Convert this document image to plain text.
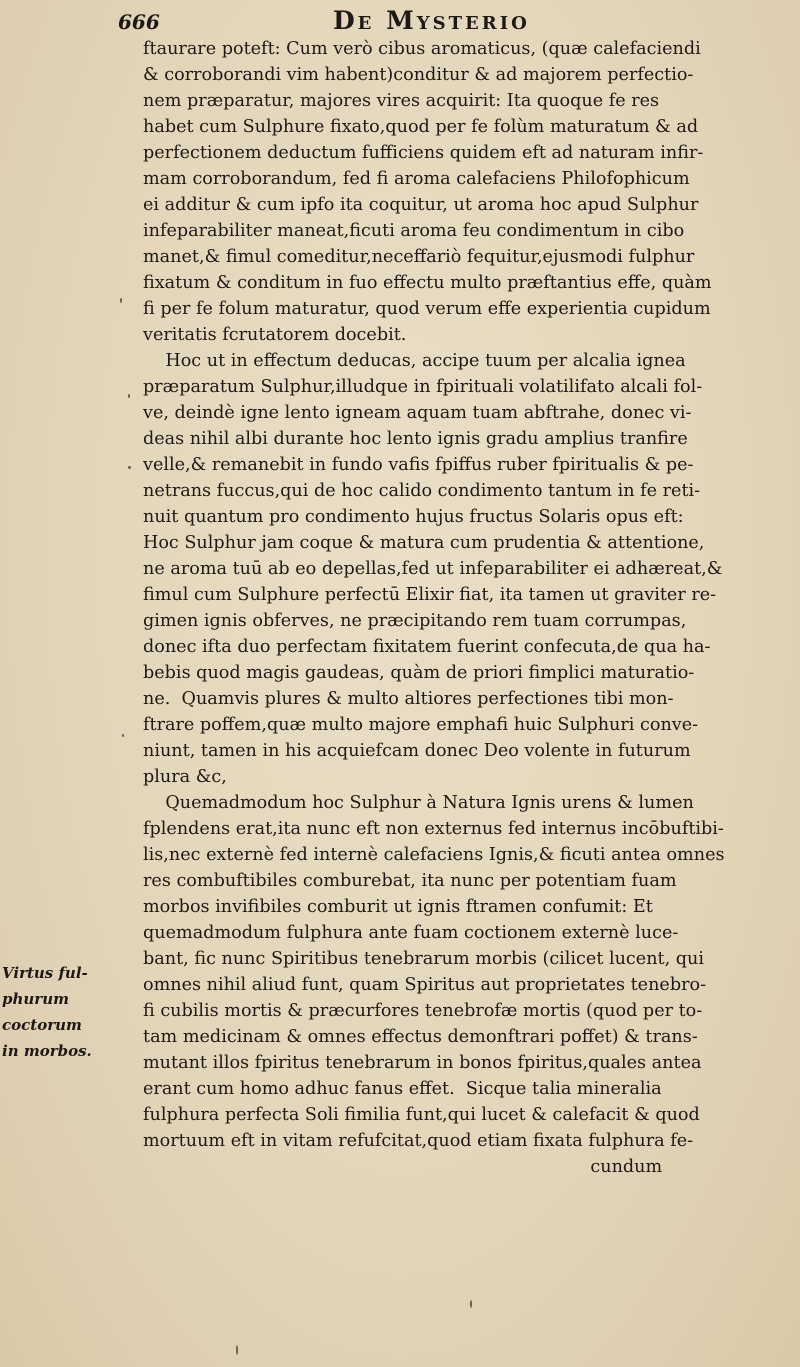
666	De Mysterio
ftaurare poteft: Cum verò cibus aromaticus, (quæ calefaciendi
& corroborandi vim habent)conditur & ad majorem perfectio-
nem præparatur, majores vires acquirit: Ita quoque fe res
habet cum Sulphure fixato,quod per fe folùm maturatum & ad
perfectionem deductum fufficiens quidem eft ad naturam infir-
mam corroborandum, fed fi aroma calefaciens Philofophicum
ei additur & cum ipfo ita coquitur, ut aroma hoc apud Sulphur
infeparabiliter maneat,ficuti aroma feu condimentum in cibo
manet,& fimul comeditur,neceffariò fequitur,ejusmodi fulphur
fixatum & conditum in fuo effectu multo præftantius effe, quàm
fi per fe folum maturatur, quod verum effe experientia cupidum
veritatis fcrutatorem docebit.
Hoc ut in effectum deducas, accipe tuum per alcalia ignea
præparatum Sulphur,illudque in fpirituali volatilifato alcali fol-
ve, deindè igne lento igneam aquam tuam abftrahe, donec vi-
deas nihil albi durante hoc lento ignis gradu amplius tranfire
velle,& remanebit in fundo vafis fpiffus ruber fpiritualis & pe-
netrans fuccus,qui de hoc calido condimento tantum in fe reti-
nuit quantum pro condimento hujus fructus Solaris opus eft:
Hoc Sulphur jam coque & matura cum prudentia & attentione,
ne aroma tuū ab eo depellas,fed ut infeparabiliter ei adhæreat,&
fimul cum Sulphure perfectū Elixir fiat, ita tamen ut graviter re-
gimen ignis obferves, ne præcipitando rem tuam corrumpas,
donec ifta duo perfectam fixitatem fuerint confecuta,de qua ha-
bebis quod magis gaudeas, quàm de priori fimplici maturatio-
ne.  Quamvis plures & multo altiores perfectiones tibi mon-
ftrare poffem,quæ multo majore emphafi huic Sulphuri conve-
niunt, tamen in his acquiefcam donec Deo volente in futurum
plura &c,
Quemadmodum hoc Sulphur à Natura Ignis urens & lumen
fplendens erat,ita nunc eft non externus fed internus incōbuftibi-
lis,nec externè fed internè calefaciens Ignis,& ficuti antea omnes
res combuftibiles comburebat, ita nunc per potentiam fuam
morbos invifibiles comburit ut ignis ftramen confumit: Et
quemadmodum fulphura ante fuam coctionem externè luce-
bant, fic nunc Spiritibus tenebrarum morbis (cilicet lucent, qui
omnes nihil aliud funt, quam Spiritus aut proprietates tenebro-
fi cubilis mortis & præcurfores tenebrofæ mortis (quod per to-
tam medicinam & omnes effectus demonftrari poffet) & trans-
mutant illos fpiritus tenebrarum in bonos fpiritus,quales antea
erant cum homo adhuc fanus effet.  Sicque talia mineralia
fulphura perfecta Soli fimilia funt,qui lucet & calefacit & quod
mortuum eft in vitam refufcitat,quod etiam fixata fulphura fe-
cundum
Virtus ful-
phurum
coctorum
in morbos.
